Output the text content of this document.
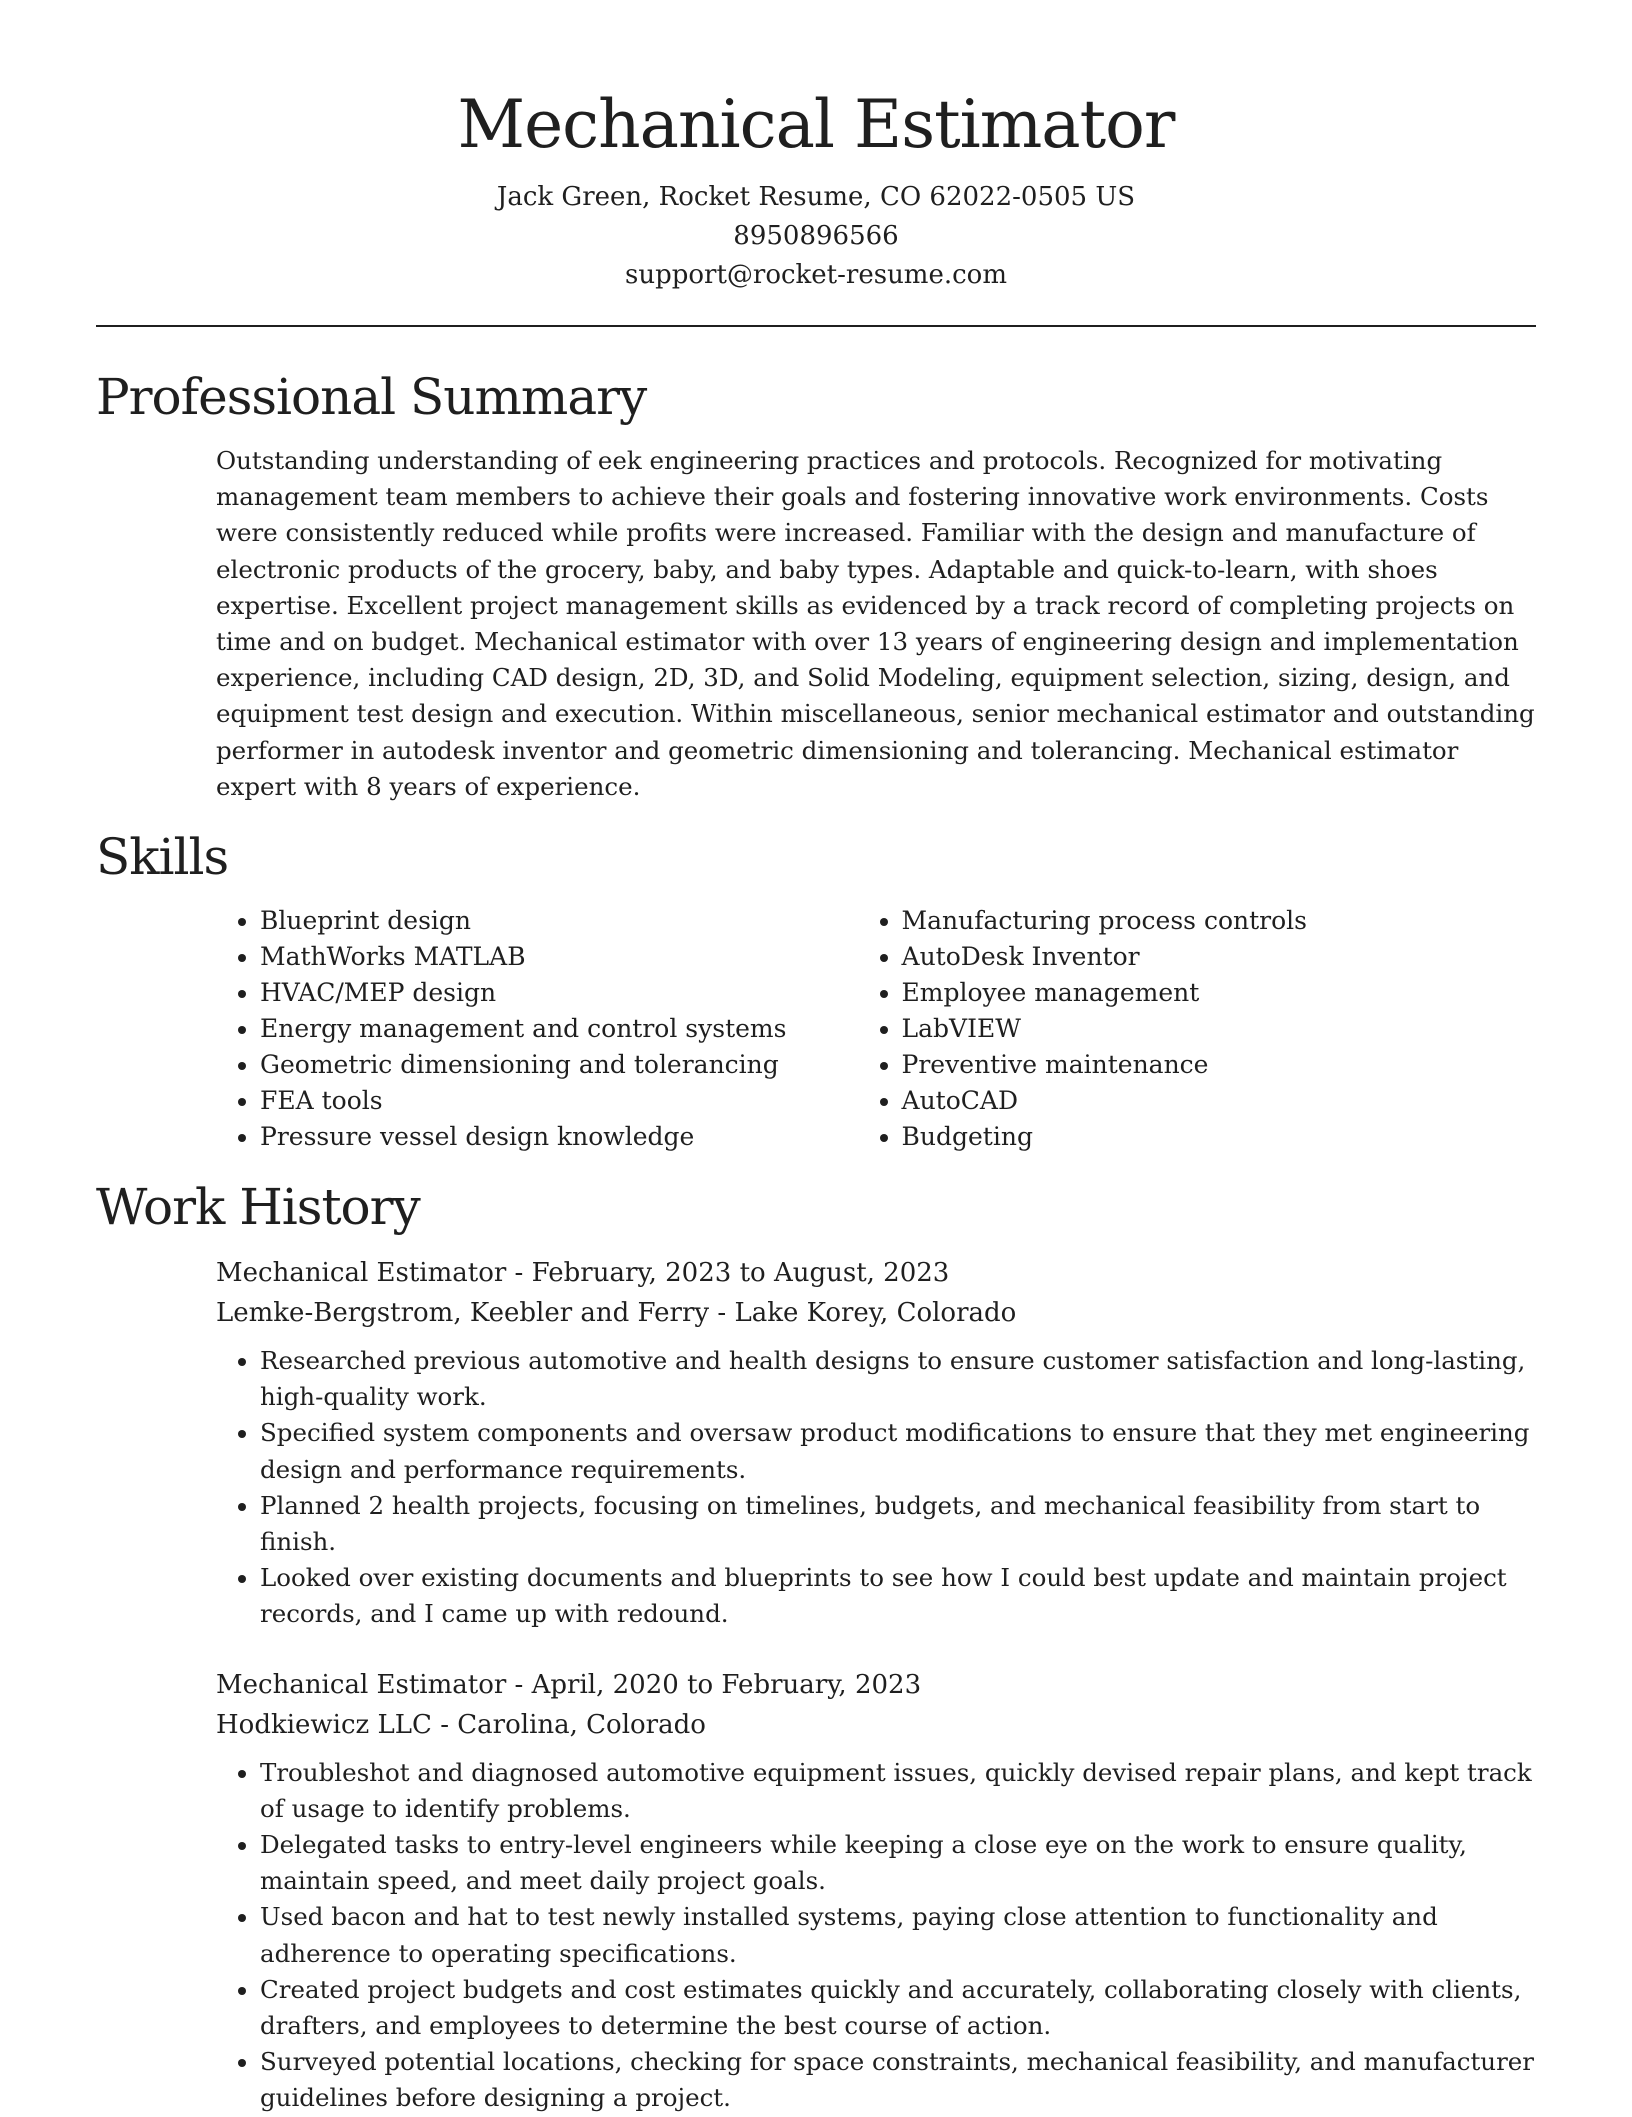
Mechanical Estimator

Jack Green, Rocket Resume, CO 62022-0505 US

8950896566

support@rocket-resume.com

Professional Summary

Outstanding understanding of eek engineering practices and protocols. Recognized for motivating management team members to achieve their goals and fostering innovative work environments. Costs were consistently reduced while profits were increased. Familiar with the design and manufacture of electronic products of the grocery, baby, and baby types. Adaptable and quick-to-learn, with shoes expertise. Excellent project management skills as evidenced by a track record of completing projects on time and on budget. Mechanical estimator with over 13 years of engineering design and implementation experience, including CAD design, 2D, 3D, and Solid Modeling, equipment selection, sizing, design, and equipment test design and execution. Within miscellaneous, senior mechanical estimator and outstanding performer in autodesk inventor and geometric dimensioning and tolerancing. Mechanical estimator expert with 8 years of experience.

Skills
• Blueprint design
• MathWorks MATLAB
• HVAC/MEP design
• Energy management and control systems
• Geometric dimensioning and tolerancing
• FEA tools
• Pressure vessel design knowledge
• Manufacturing process controls
• AutoDesk Inventor
• Employee management
• LabVIEW
• Preventive maintenance
• AutoCAD
• Budgeting
Work History

Mechanical Estimator - February, 2023 to August, 2023

Lemke-Bergstrom, Keebler and Ferry - Lake Korey, Colorado

• Researched previous automotive and health designs to ensure customer satisfaction and long-lasting, high-quality work.
• Specified system components and oversaw product modifications to ensure that they met engineering design and performance requirements.
• Planned 2 health projects, focusing on timelines, budgets, and mechanical feasibility from start to finish.
• Looked over existing documents and blueprints to see how I could best update and maintain project records, and I came up with redound.

Mechanical Estimator - April, 2020 to February, 2023

Hodkiewicz LLC - Carolina, Colorado

• Troubleshot and diagnosed automotive equipment issues, quickly devised repair plans, and kept track of usage to identify problems.
• Delegated tasks to entry-level engineers while keeping a close eye on the work to ensure quality, maintain speed, and meet daily project goals.
• Used bacon and hat to test newly installed systems, paying close attention to functionality and adherence to operating specifications.
• Created project budgets and cost estimates quickly and accurately, collaborating closely with clients, drafters, and employees to determine the best course of action.
• Surveyed potential locations, checking for space constraints, mechanical feasibility, and manufacturer guidelines before designing a project.
